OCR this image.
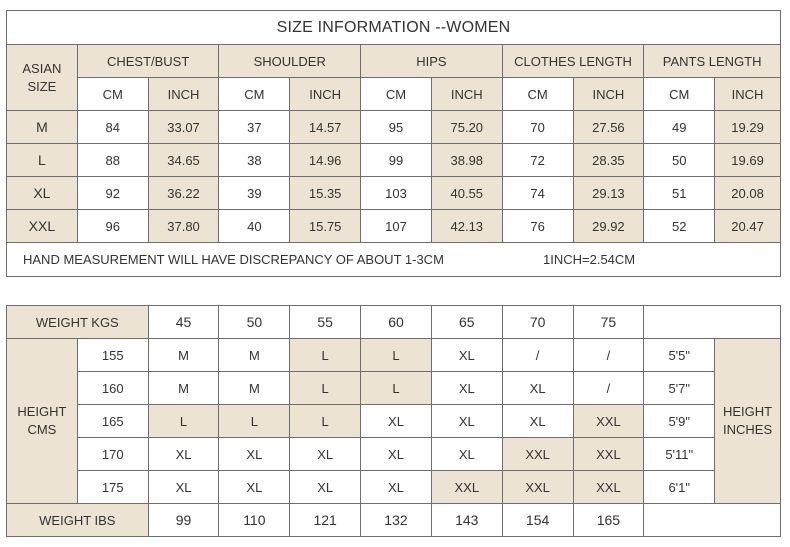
SIZE INFORMATION --WOMEN										
ASIAN SIZE	CHEST/BUST		SHOULDER		HIPS		CLOTHES LENGTH		PANTS LENGTH	
	CM	INCH	CM	INCH	CM	INCH	CM	INCH	CM	INCH
M	84	33.07	37	14.57	95	75.20	70	27.56	49	19.29
L	88	34.65	38	14.96	99	38.98	72	28.35	50	19.69
XL	92	36.22	39	15.35	103	40.55	74	29.13	51	20.08
XXL	96	37.80	40	15.75	107	42.13	76	29.92	52	20.47
HAND MEASUREMENT WILL HAVE DISCREPANCY OF ABOUT 1-3CM 1INCH=2.54CM										
WEIGHT KGS		45	50	55	60	65	70	75		
HEIGHT CMS	155	M	M	L	L	XL	/	/	5'5"	HEIGHT INCHES
	160	M	M	L	L	XL	XL	/	5'7"	
	165	L	L	L	XL	XL	XL	XXL	5'9"	
	170	XL	XL	XL	XL	XL	XXL	XXL	5'11"	
	175	XL	XL	XL	XL	XXL	XXL	XXL	6'1"	
WEIGHT IBS		99	110	121	132	143	154	165		
